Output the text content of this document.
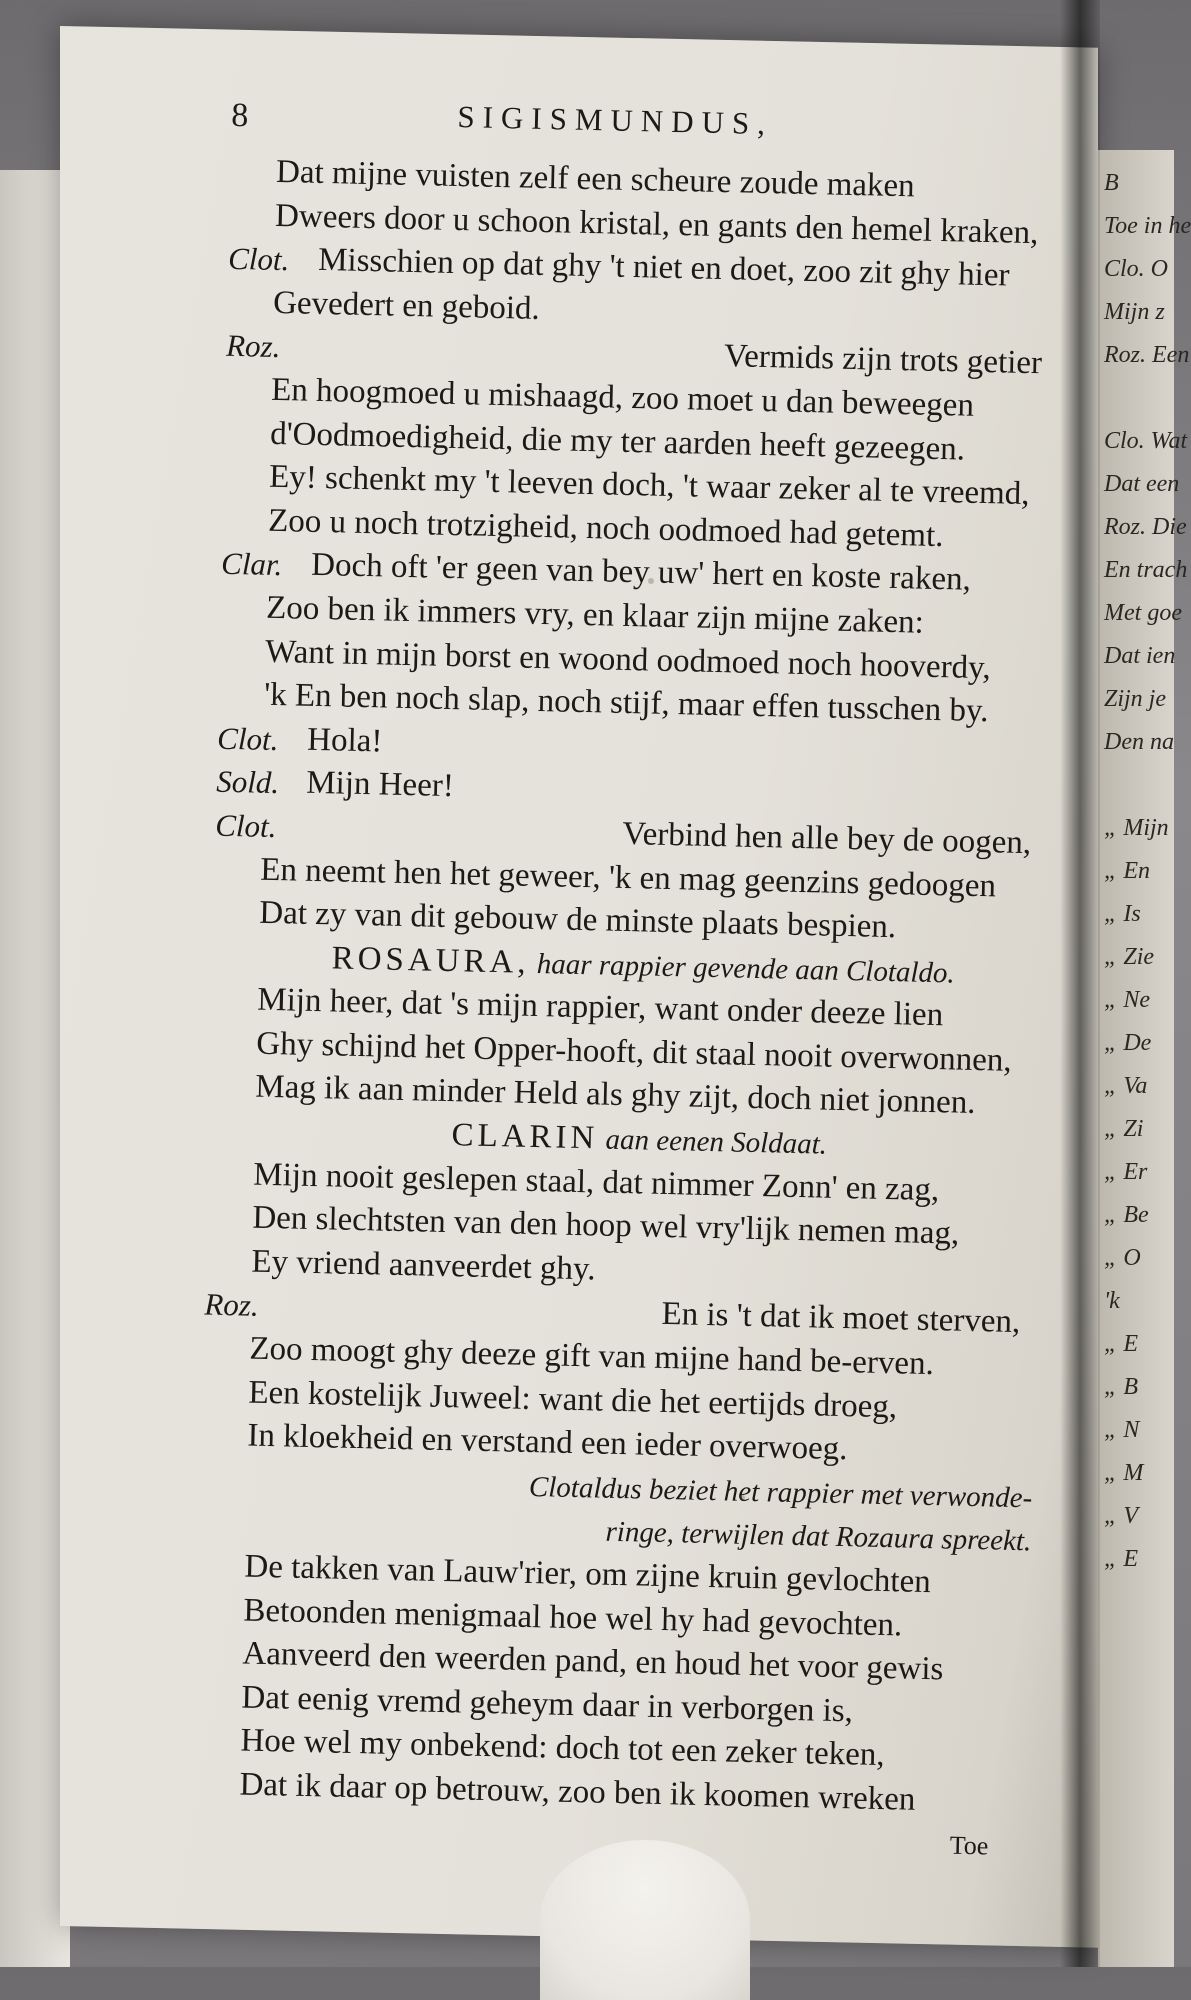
B
Toe in he
Clo. O
Mijn z
Roz. Een
Clo. Wat
Dat een
Roz. Die
En trach
Met goe
Dat ien
Zijn je
Den na
„ Mijn
„ En
„ Is
„ Zie
„ Ne
„ De
„ Va
„ Zi
„ Er
„ Be
„ O
'k
„ E
„ B
„ N
„ M
„ V
„ E
8	SIGISMUNDUS,
Dat mijne vuisten zelf een scheure zoude maken
Dweers door u schoon kristal, en gants den hemel kraken,
Clot. Misschien op dat ghy 't niet en doet, zoo zit ghy hier
Gevedert en geboid.
Roz.	Vermids zijn trots getier
En hoogmoed u mishaagd, zoo moet u dan beweegen
d'Oodmoedigheid, die my ter aarden heeft gezeegen.
Ey! schenkt my 't leeven doch, 't waar zeker al te vreemd,
Zoo u noch trotzigheid, noch oodmoed had getemt.
Clar. Doch oft 'er geen van bey uw' hert en koste raken,
Zoo ben ik immers vry, en klaar zijn mijne zaken:
Want in mijn borst en woond oodmoed noch hooverdy,
'k En ben noch slap, noch stijf, maar effen tusschen by.
Clot. Hola!
Sold. Mijn Heer!
Clot.	Verbind hen alle bey de oogen,
En neemt hen het geweer, 'k en mag geenzins gedoogen
Dat zy van dit gebouw de minste plaats bespien.
ROSAURA, haar rappier gevende aan Clotaldo.
Mijn heer, dat 's mijn rappier, want onder deeze lien
Ghy schijnd het Opper-hooft, dit staal nooit overwonnen,
Mag ik aan minder Held als ghy zijt, doch niet jonnen.
CLARIN aan eenen Soldaat.
Mijn nooit geslepen staal, dat nimmer Zonn' en zag,
Den slechtsten van den hoop wel vry'lijk nemen mag,
Ey vriend aanveerdet ghy.
Roz.	En is 't dat ik moet sterven,
Zoo moogt ghy deeze gift van mijne hand be-erven.
Een kostelijk Juweel: want die het eertijds droeg,
In kloekheid en verstand een ieder overwoeg.
Clotaldus beziet het rappier met verwonde-
ringe, terwijlen dat Rozaura spreekt.
De takken van Lauw'rier, om zijne kruin gevlochten
Betoonden menigmaal hoe wel hy had gevochten.
Aanveerd den weerden pand, en houd het voor gewis
Dat eenig vremd geheym daar in verborgen is,
Hoe wel my onbekend: doch tot een zeker teken,
Dat ik daar op betrouw, zoo ben ik koomen wreken
Toe
